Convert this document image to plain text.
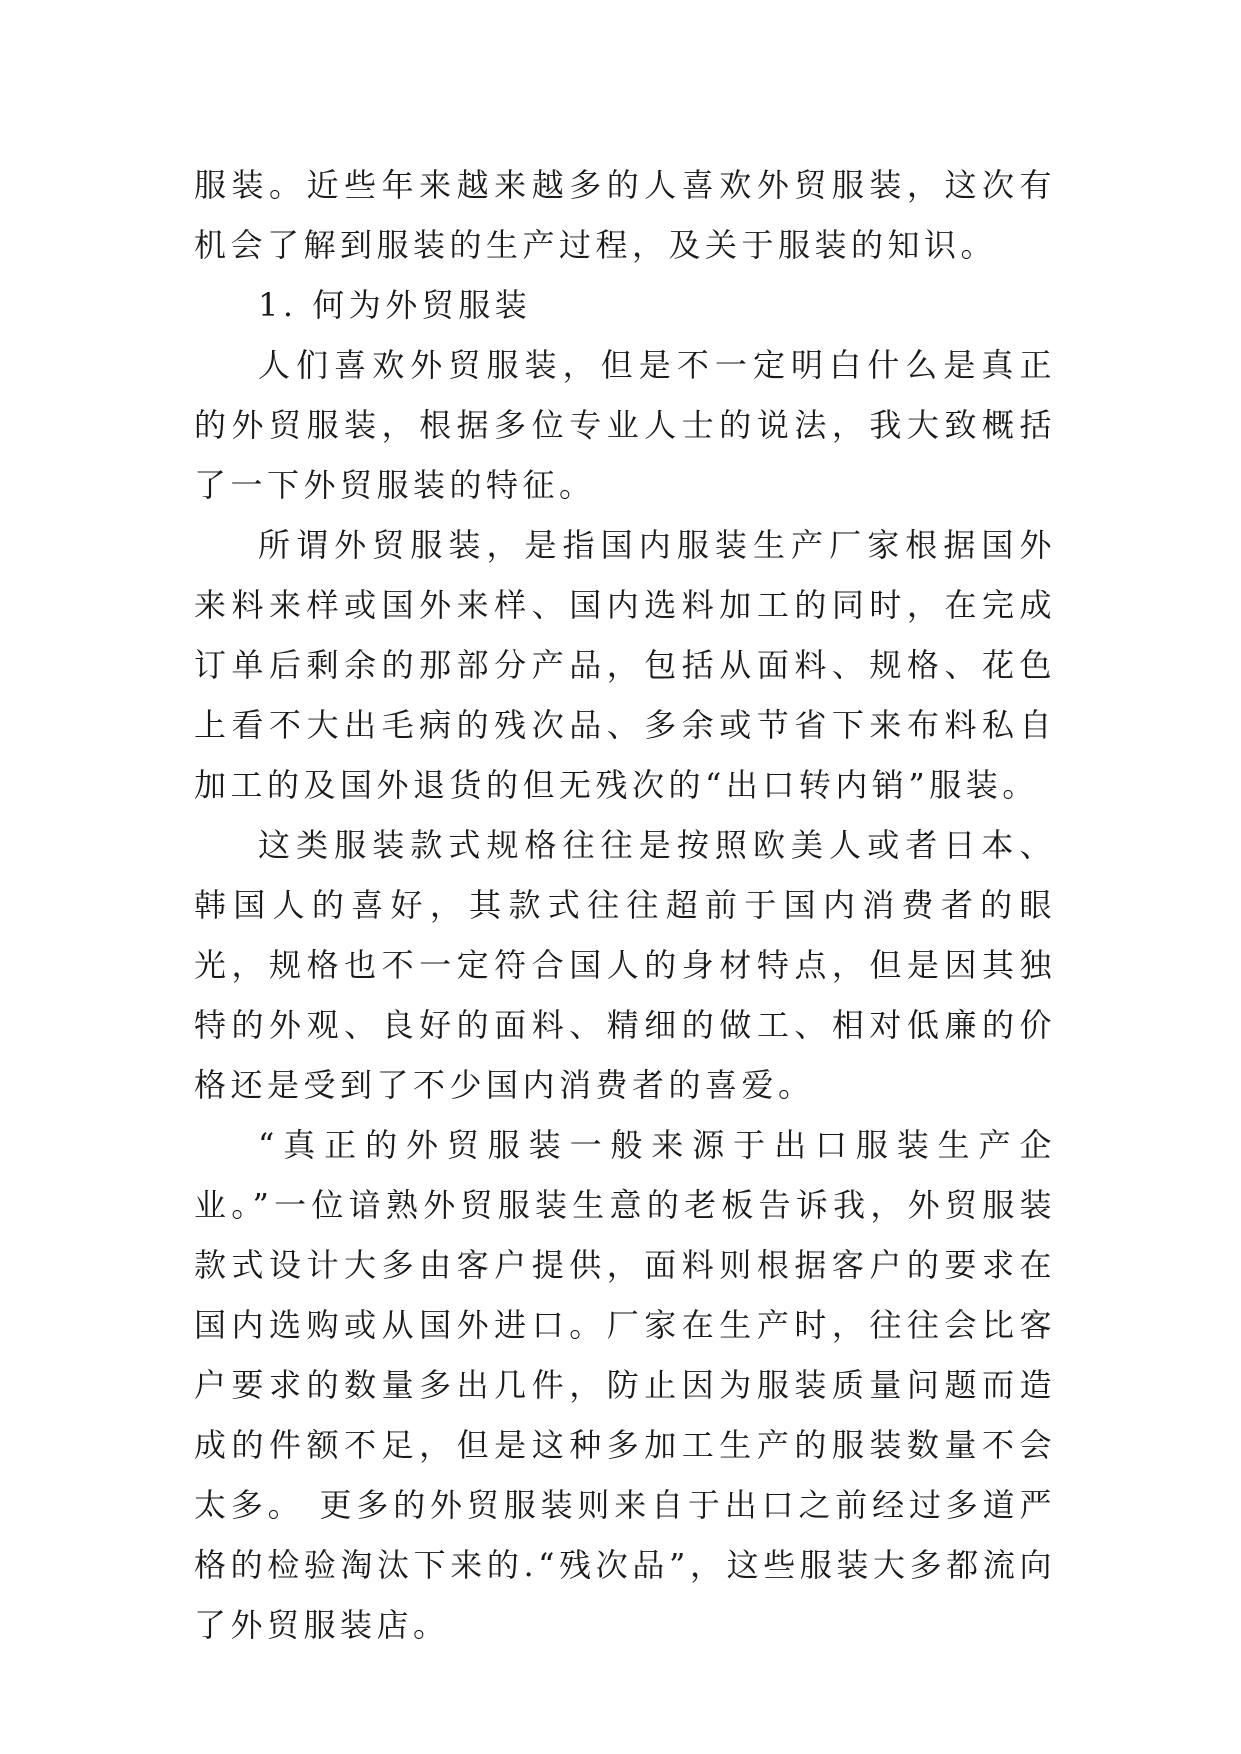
服装。近些年来越来越多的人喜欢外贸服装，这次有机会了解到服装的生产过程，及关于服装的知识。

1. 何为外贸服装

人们喜欢外贸服装，但是不一定明白什么是真正的外贸服装，根据多位专业人士的说法，我大致概括了一下外贸服装的特征。

所谓外贸服装，是指国内服装生产厂家根据国外来料来样或国外来样、国内选料加工的同时，在完成订单后剩余的那部分产品，包括从面料、规格、花色上看不大出毛病的残次品、多余或节省下来布料私自加工的及国外退货的但无残次的“出口转内销”服装。

这类服装款式规格往往是按照欧美人或者日本、韩国人的喜好，其款式往往超前于国内消费者的眼光，规格也不一定符合国人的身材特点，但是因其独特的外观、良好的面料、精细的做工、相对低廉的价格还是受到了不少国内消费者的喜爱。

“真正的外贸服装一般来源于出口服装生产企业。”一位谙熟外贸服装生意的老板告诉我，外贸服装款式设计大多由客户提供，面料则根据客户的要求在国内选购或从国外进口。厂家在生产时，往往会比客户要求的数量多出几件，防止因为服装质量问题而造成的件额不足，但是这种多加工生产的服装数量不会太多。 更多的外贸服装则来自于出口之前经过多道严格的检验淘汰下来的.“残次品”，这些服装大多都流向了外贸服装店。
